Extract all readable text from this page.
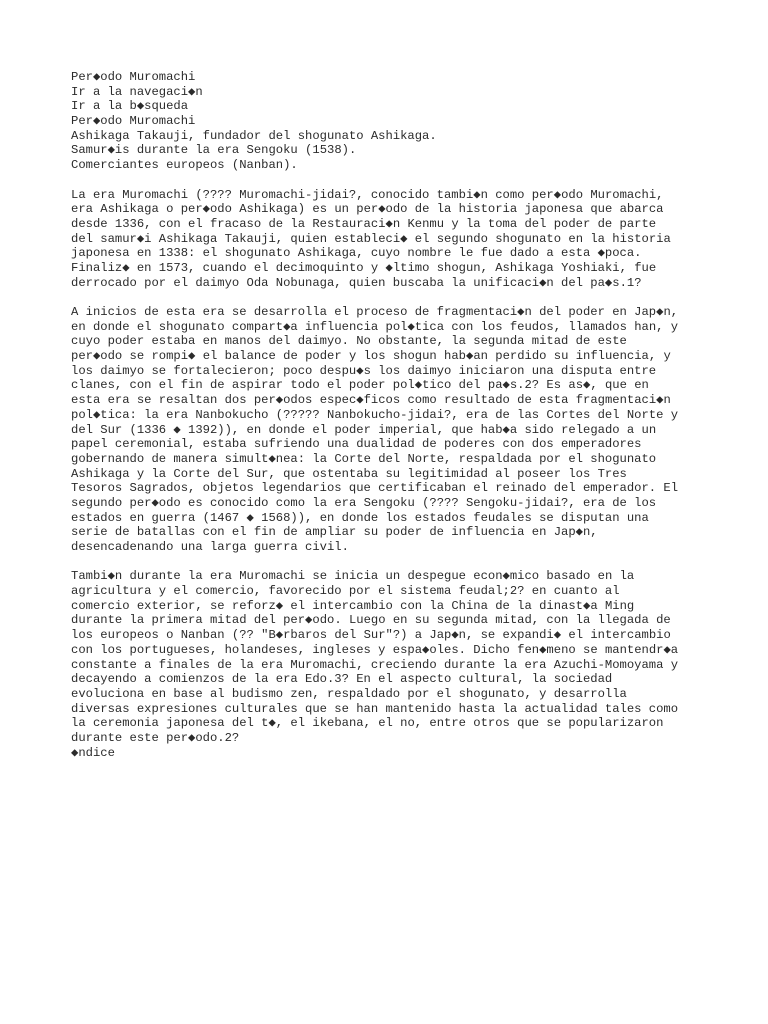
Per◆odo Muromachi
Ir a la navegaci◆n
Ir a la b◆squeda
Per◆odo Muromachi
Ashikaga Takauji, fundador del shogunato Ashikaga.
Samur◆is durante la era Sengoku (1538).
Comerciantes europeos (Nanban).
La era Muromachi (???? Muromachi-jidai?, conocido tambi◆n como per◆odo Muromachi,
era Ashikaga o per◆odo Ashikaga) es un per◆odo de la historia japonesa que abarca
desde 1336, con el fracaso de la Restauraci◆n Kenmu y la toma del poder de parte
del samur◆i Ashikaga Takauji, quien estableci◆ el segundo shogunato en la historia
japonesa en 1338: el shogunato Ashikaga, cuyo nombre le fue dado a esta ◆poca.
Finaliz◆ en 1573, cuando el decimoquinto y ◆ltimo shogun, Ashikaga Yoshiaki, fue
derrocado por el daimyo Oda Nobunaga, quien buscaba la unificaci◆n del pa◆s.1?
A inicios de esta era se desarrolla el proceso de fragmentaci◆n del poder en Jap◆n,
en donde el shogunato compart◆a influencia pol◆tica con los feudos, llamados han, y
cuyo poder estaba en manos del daimyo. No obstante, la segunda mitad de este
per◆odo se rompi◆ el balance de poder y los shogun hab◆an perdido su influencia, y
los daimyo se fortalecieron; poco despu◆s los daimyo iniciaron una disputa entre
clanes, con el fin de aspirar todo el poder pol◆tico del pa◆s.2? Es as◆, que en
esta era se resaltan dos per◆odos espec◆ficos como resultado de esta fragmentaci◆n
pol◆tica: la era Nanbokucho (????? Nanbokucho-jidai?, era de las Cortes del Norte y
del Sur (1336 ◆ 1392)), en donde el poder imperial, que hab◆a sido relegado a un
papel ceremonial, estaba sufriendo una dualidad de poderes con dos emperadores
gobernando de manera simult◆nea: la Corte del Norte, respaldada por el shogunato
Ashikaga y la Corte del Sur, que ostentaba su legitimidad al poseer los Tres
Tesoros Sagrados, objetos legendarios que certificaban el reinado del emperador. El
segundo per◆odo es conocido como la era Sengoku (???? Sengoku-jidai?, era de los
estados en guerra (1467 ◆ 1568)), en donde los estados feudales se disputan una
serie de batallas con el fin de ampliar su poder de influencia en Jap◆n,
desencadenando una larga guerra civil.
Tambi◆n durante la era Muromachi se inicia un despegue econ◆mico basado en la
agricultura y el comercio, favorecido por el sistema feudal;2? en cuanto al
comercio exterior, se reforz◆ el intercambio con la China de la dinast◆a Ming
durante la primera mitad del per◆odo. Luego en su segunda mitad, con la llegada de
los europeos o Nanban (?? "B◆rbaros del Sur"?) a Jap◆n, se expandi◆ el intercambio
con los portugueses, holandeses, ingleses y espa◆oles. Dicho fen◆meno se mantendr◆a
constante a finales de la era Muromachi, creciendo durante la era Azuchi-Momoyama y
decayendo a comienzos de la era Edo.3? En el aspecto cultural, la sociedad
evoluciona en base al budismo zen, respaldado por el shogunato, y desarrolla
diversas expresiones culturales que se han mantenido hasta la actualidad tales como
la ceremonia japonesa del t◆, el ikebana, el no, entre otros que se popularizaron
durante este per◆odo.2?
◆ndice
